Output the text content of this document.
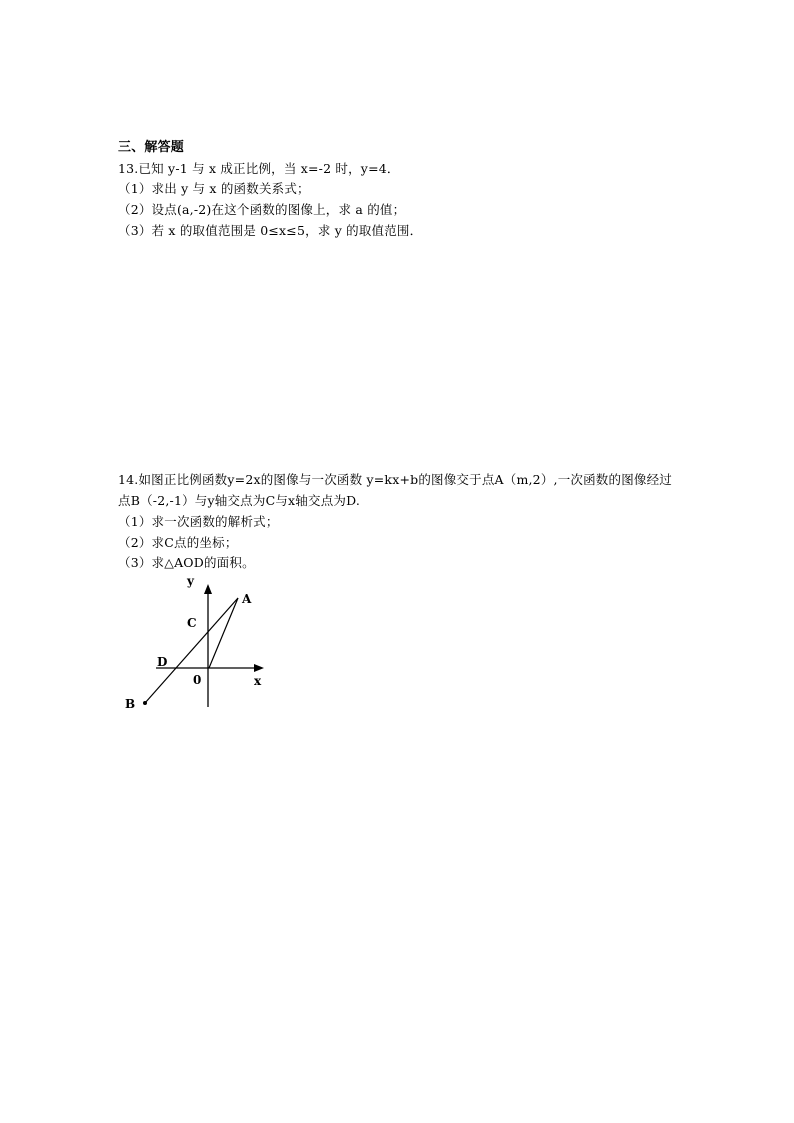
三、解答题
13.已知 y-1 与 x 成正比例，当 x=-2 时，y=4．
（1）求出 y 与 x 的函数关系式；
（2）设点(a,-2)在这个函数的图像上，求 a 的值；
（3）若 x 的取值范围是 0≤x≤5，求 y 的取值范围．
14.如图正比例函数y=2x的图像与一次函数 y=kx+b的图像交于点A（m,2）,一次函数的图像经过
点B（-2,-1）与y轴交点为C与x轴交点为D.
（1）求一次函数的解析式；
（2）求C点的坐标；
（3）求△AOD的面积。
y
A
C
D
0	x
B
